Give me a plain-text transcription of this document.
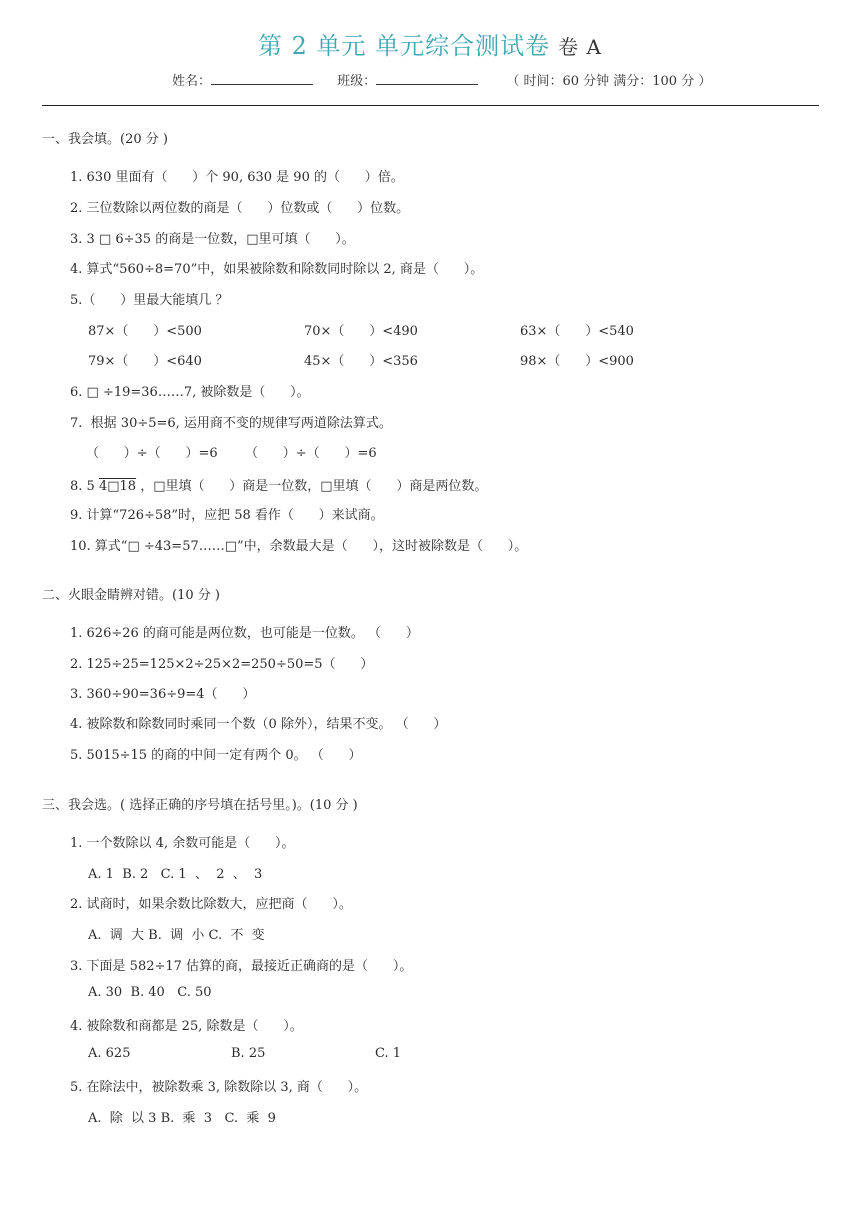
第 2 单元 单元综合测试卷 卷 A
姓名：	班级：	（ 时间：60 分钟 满分：100 分 ）
一、我会填。(20 分 )
1. 630 里面有（      ）个 90, 630 是 90 的（      ）倍。
2. 三位数除以两位数的商是（      ）位数或（      ）位数。
3. 3 □ 6÷35 的商是一位数，□里可填（      ）。
4. 算式“560÷8=70”中，如果被除数和除数同时除以 2, 商是（      ）。
5.（      ）里最大能填几 ？
87×（      ）<500	70×（      ）<490	63×（      ）<540
79×（      ）<640	45×（      ）<356	98×（      ）<900
6. □ ÷19=36……7, 被除数是（      ）。
7.  根据 30÷5=6, 运用商不变的规律写两道除法算式。
（      ）÷（      ）=6 （      ）÷（      ）=6
8. 5 4□18 ，□里填（      ）商是一位数，□里填（      ）商是两位数。
9. 计算“726÷58”时，应把 58 看作（      ）来试商。
10. 算式“□ ÷43=57……□”中，余数最大是（      ），这时被除数是（      ）。
二、火眼金睛辨对错。(10 分 )
1. 626÷26 的商可能是两位数，也可能是一位数。 （      ）
2. 125÷25=125×2÷25×2=250÷50=5（      ）
3. 360÷90=36÷9=4（      ）
4. 被除数和除数同时乘同一个数（0 除外），结果不变。 （      ）
5. 5015÷15 的商的中间一定有两个 0。 （      ）
三、我会选。( 选择正确的序号填在括号里。)。(10 分 )
1. 一个数除以 4, 余数可能是（      ）。
A. 1  B. 2   C. 1  、  2  、  3
2. 试商时，如果余数比除数大，应把商（      ）。
A.  调  大 B.  调  小 C.  不  变
3. 下面是 582÷17 估算的商，最接近正确商的是（      ）。
A. 30  B. 40   C. 50
4. 被除数和商都是 25, 除数是（      ）。
A. 625	B. 25	C. 1
5. 在除法中，被除数乘 3, 除数除以 3, 商（      ）。
A.  除  以 3 B.  乘  3   C.  乘  9
